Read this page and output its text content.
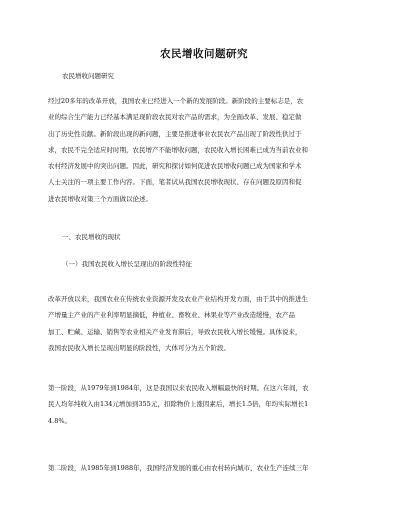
农民增收问题研究
农民增收问题研究
经过20多年的改革开放，我国农业已经进入一个新的发展阶段。新阶段的主要标志是，农
业的综合生产能力已经基本满足现阶段农民对农产品的需求，为全面改革、发展、稳定做
出了历史性贡献。新阶段出现的新问题，主要是推进事业农民农产品出现了阶段性供过于
求，农民不完全适应时时期，农民增产不能增收问题，农民收入增长困难已成为当前农业和
农村经济发展中的突出问题。因此，研究和探讨如何促进农民增收问题已成为国家和学术
人士关注的一项主要工作内容。下面，笔者试从我国农民增收现状、存在问题及原因和促
进农民增收对策三个方面做以论述。
一、农民增收的现状
（一）我国农民收入增长呈现出的阶段性特征
改革开放以来，我国农业在传统农业资源开发及农业产业结构开发方面，由于其中的推进生
产增量主产业的产业利率明显摘低，种植业、畜牧业、林果业等产业改造缓慢，农产品
加工、贮藏、运输、销售等农业相关产业发育滞后，导致农民收入增长缓慢。具体说来，
我国农民收入增长呈现出明显的阶段性，大体可分为五个阶段。
第一阶段，从1979年到1984年，这是我国以来农民收入增幅最快的时期。在这六年间，农
民人均年纯收入由134元增加到355元，扣除物价上涨因素后，增长1.5倍，年均实际增长1
4.8%。
第二阶段，从1985年到1988年，我国经济发展的重心由农村转向城市，农业生产连续三年
